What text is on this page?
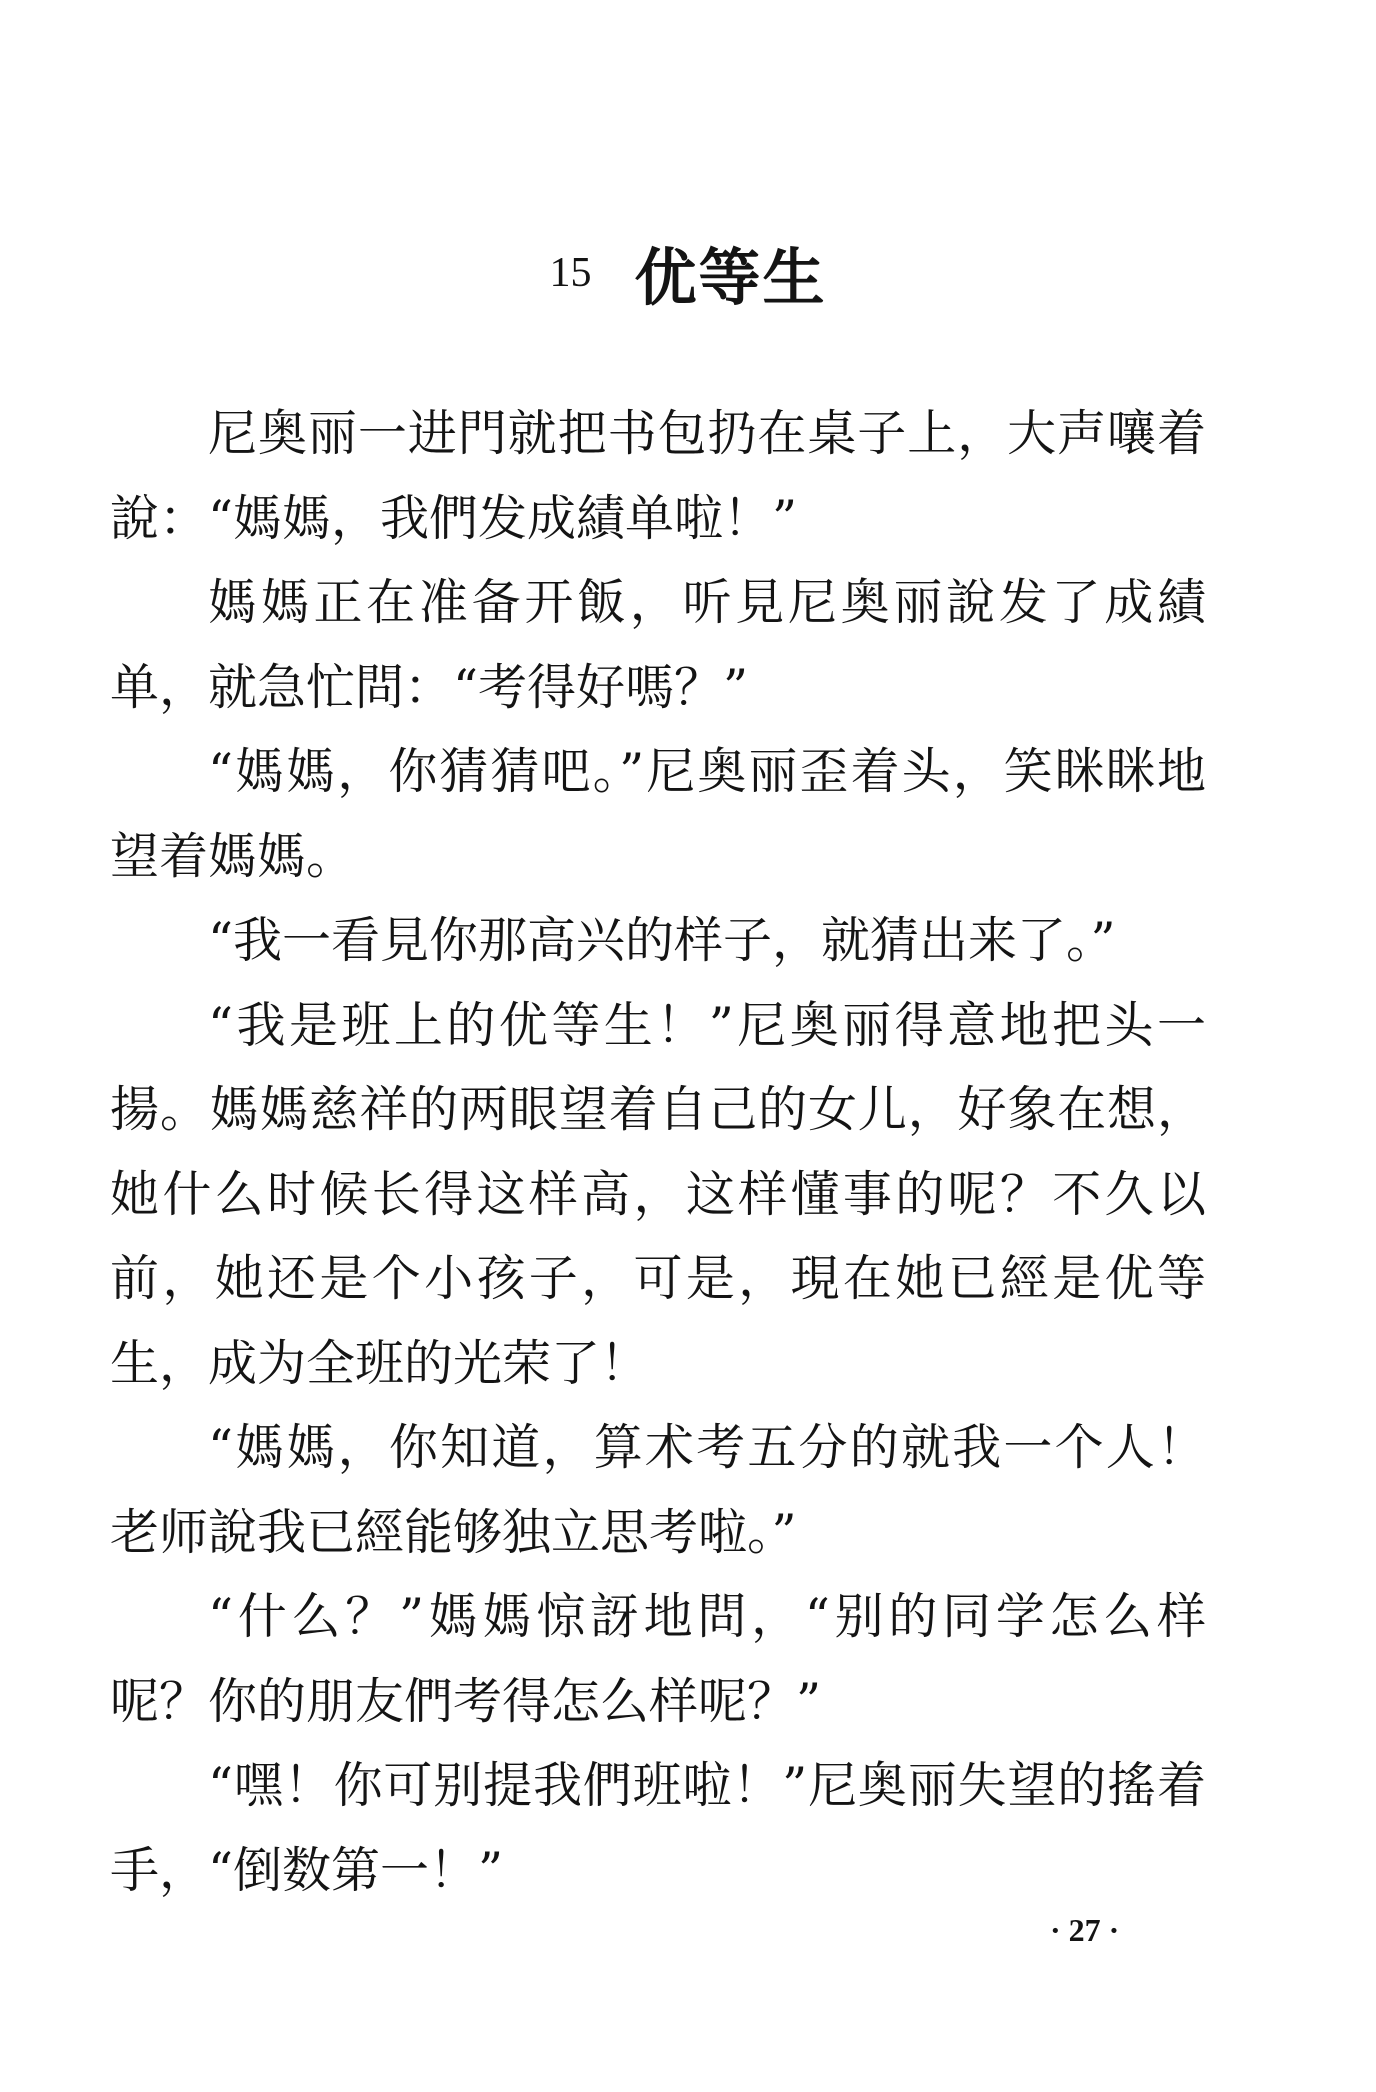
15 优等生

尼奥丽一进門就把书包扔在桌子上，大声嚷着說：“媽媽，我們发成績单啦！”

媽媽正在准备开飯，听見尼奥丽說发了成績单，就急忙問：“考得好嗎？”

“媽媽，你猜猜吧。”尼奥丽歪着头，笑眯眯地望着媽媽。

“我一看見你那高兴的样子，就猜出来了。”

“我是班上的优等生！”尼奥丽得意地把头一揚。媽媽慈祥的两眼望着自己的女儿，好象在想，她什么时候长得这样高，这样懂事的呢？不久以前，她还是个小孩子，可是，現在她已經是优等生，成为全班的光荣了！

“媽媽，你知道，算术考五分的就我一个人！老师說我已經能够独立思考啦。”

“什么？”媽媽惊訝地問，“别的同学怎么样呢？你的朋友們考得怎么样呢？”

“嘿！你可别提我們班啦！”尼奥丽失望的搖着手，“倒数第一！”

· 27 ·
